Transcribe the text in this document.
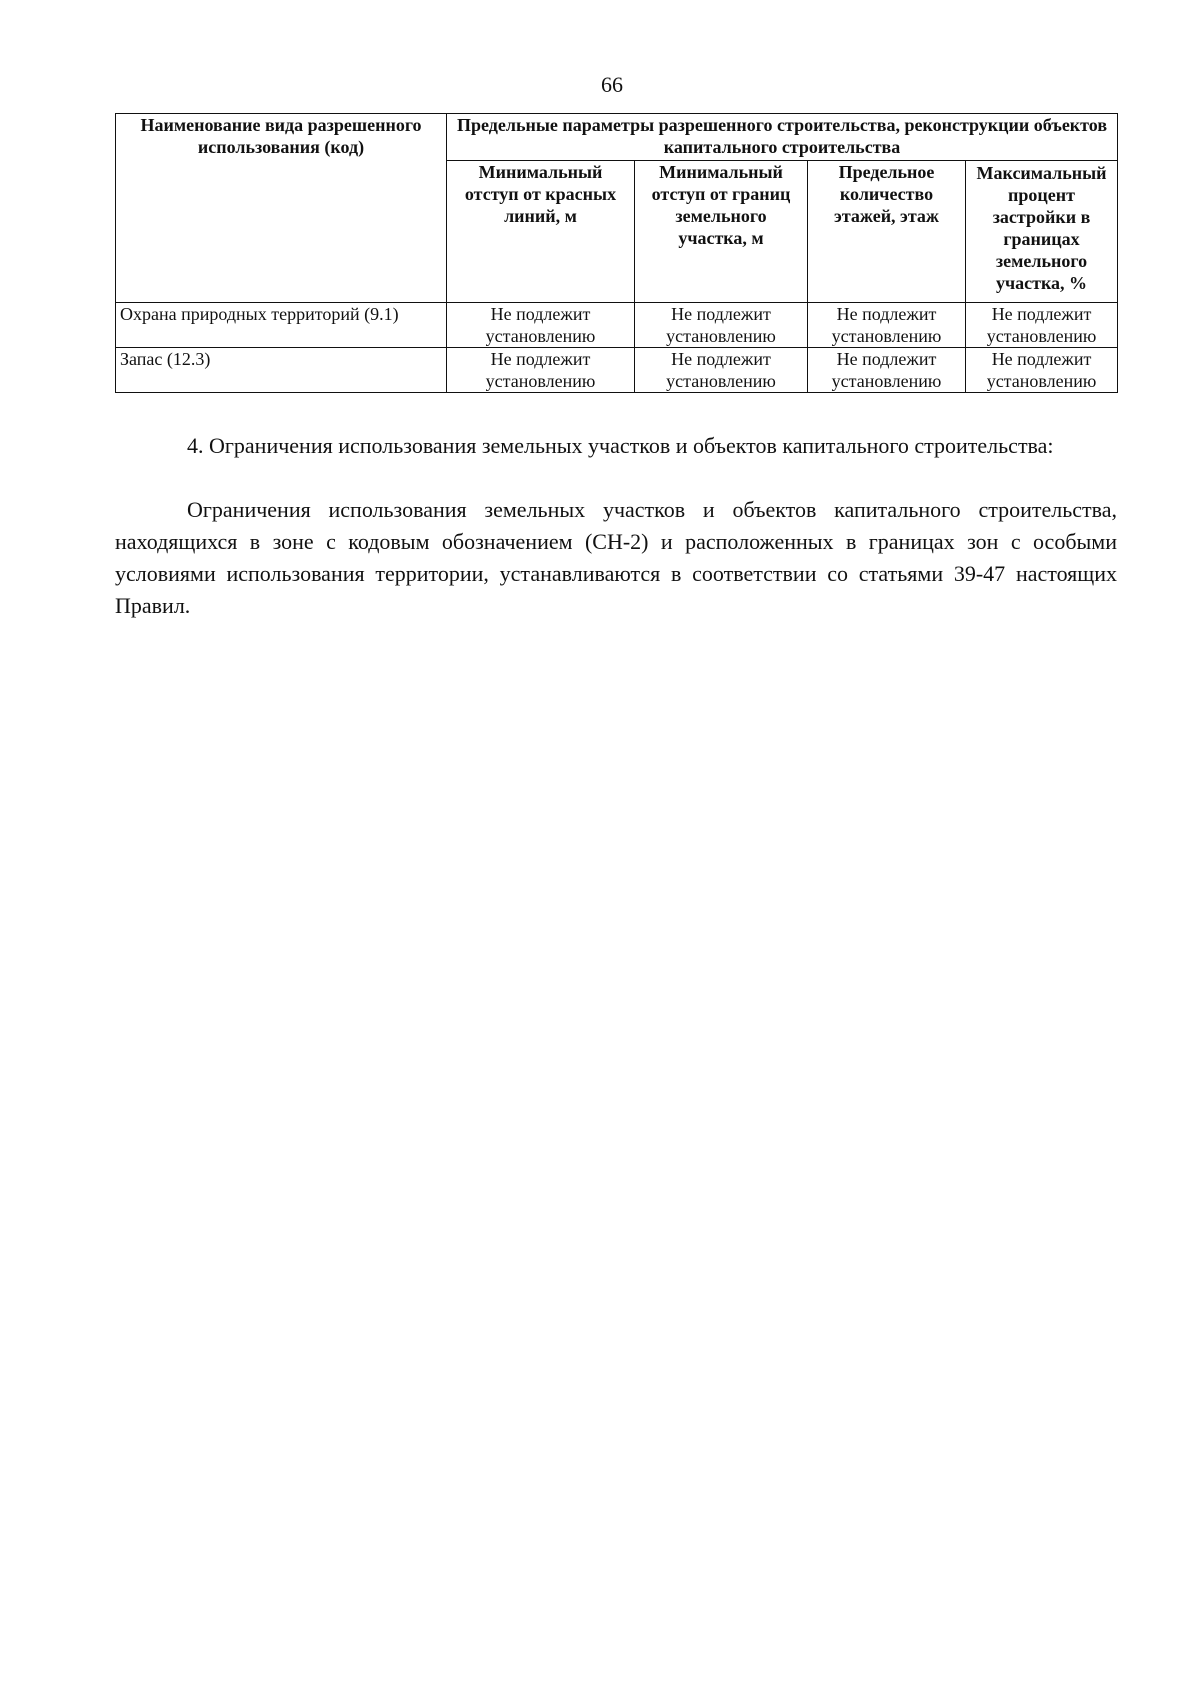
66
Наименование вида разрешенного использования (код)	Предельные параметры разрешенного строительства, реконструкции объектов капитального строительства			
	Минимальный отступ от красных линий, м	Минимальный отступ от границ земельного участка, м	Предельное количество этажей, этаж	Максимальный процент застройки в границах земельного участка, %
Охрана природных территорий (9.1)	Не подлежит установлению	Не подлежит установлению	Не подлежит установлению	Не подлежит установлению
Запас (12.3)	Не подлежит установлению	Не подлежит установлению	Не подлежит установлению	Не подлежит установлению

4. Ограничения использования земельных участков и объектов капитального строительства:

Ограничения использования земельных участков и объектов капитального строительства, находящихся в зоне с кодовым обозначением (СН-2) и расположенных в границах зон с особыми условиями использования территории, устанавливаются в соответствии со статьями 39-47 настоящих Правил.
